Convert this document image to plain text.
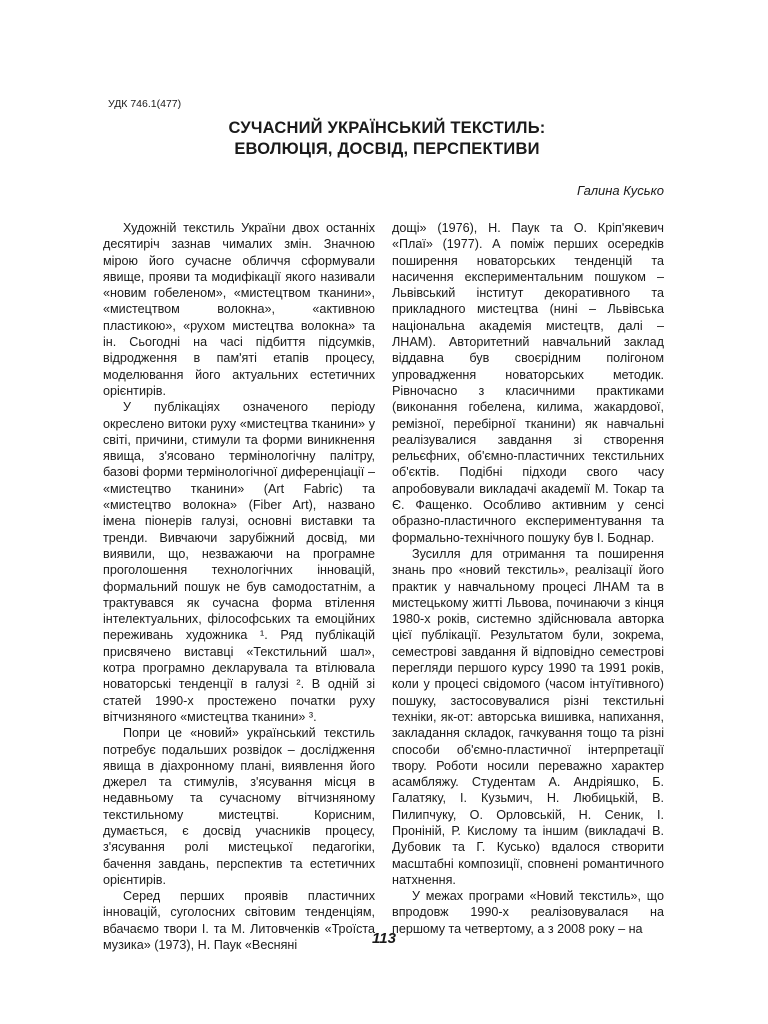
УДК 746.1(477)

СУЧАСНИЙ УКРАЇНСЬКИЙ ТЕКСТИЛЬ:
ЕВОЛЮЦІЯ, ДОСВІД, ПЕРСПЕКТИВИ

Галина Кусько

Художній текстиль України двох останніх десятиріч зазнав чималих змін. Значною мірою його сучасне обличчя сформували явище, прояви та модифікації якого називали «новим гобеленом», «мистецтвом тканини», «мистецтвом волокна», «активною пластикою», «рухом мистецтва волокна» та ін. Сьогодні на часі підбиття підсумків, відродження в пам'яті етапів процесу, моделювання його актуальних естетичних орієнтирів.

У публікаціях означеного періоду окреслено витоки руху «мистецтва тканини» у світі, причини, стимули та форми виникнення явища, з'ясовано термінологічну палітру, базові форми термінологічної диференціації – «мистецтво тканини» (Art Fabric) та «мистецтво волокна» (Fiber Art), названо імена піонерів галузі, основні виставки та тренди. Вивчаючи зарубіжний досвід, ми виявили, що, незважаючи на програмне проголошення технологічних інновацій, формальний пошук не був самодостатнім, а трактувався як сучасна форма втілення інтелектуальних, філософських та емоційних переживань художника ¹. Ряд публікацій присвячено виставці «Текстильний шал», котра програмно декларувала та втілювала новаторські тенденції в галузі ². В одній зі статей 1990-х простежено початки руху вітчизняного «мистецтва тканини» ³.

Попри це «новий» український текстиль потребує подальших розвідок – дослідження явища в діахронному плані, виявлення його джерел та стимулів, з'ясування місця в недавньому та сучасному вітчизняному текстильному мистецтві. Корисним, думається, є досвід учасників процесу, з'ясування ролі мистецької педагогіки, бачення завдань, перспектив та естетичних орієнтирів.

Серед перших проявів пластичних інновацій, суголосних світовим тенденціям, вбачаємо твори І. та М. Литовченків «Троїста музика» (1973), Н. Паук «Весняні

дощі» (1976), Н. Паук та О. Кріп'якевич «Плаї» (1977). А поміж перших осередків поширення новаторських тенденцій та насичення експериментальним пошуком – Львівський інститут декоративного та прикладного мистецтва (нині – Львівська національна академія мистецтв, далі – ЛНАМ). Авторитетний навчальний заклад віддавна був своєрідним полігоном упровадження новаторських методик. Рівночасно з класичними практиками (виконання гобелена, килима, жакардової, ремізної, перебірної тканини) як навчальні реалізувалися завдання зі створення рельєфних, об'ємно-пластичних текстильних об'єктів. Подібні підходи свого часу апробовували викладачі академії М. Токар та Є. Фащенко. Особливо активним у сенсі образно-пластичного експериментування та формально-технічного пошуку був І. Боднар.

Зусилля для отримання та поширення знань про «новий текстиль», реалізації його практик у навчальному процесі ЛНАМ та в мистецькому житті Львова, починаючи з кінця 1980-х років, системно здійснювала авторка цієї публікації. Результатом були, зокрема, семестрові завдання й відповідно семестрові перегляди першого курсу 1990 та 1991 років, коли у процесі свідомого (часом інтуїтивного) пошуку, застосовувалися різні текстильні техніки, як-от: авторська вишивка, напихання, закладання складок, гачкування тощо та різні способи об'ємно-пластичної інтерпретації твору. Роботи носили переважно характер асамбляжу. Студентам А. Андріяшко, Б. Галатяку, І. Кузьмич, Н. Любицькій, В. Пилипчуку, О. Орловській, Н. Сеник, І. Проніній, Р. Кислому та іншим (викладачі В. Дубовик та Г. Кусько) вдалося створити масштабні композиції, сповнені романтичного натхнення.

У межах програми «Новий текстиль», що впродовж 1990-х реалізовувалася на першому та четвертому, а з 2008 року – на

113
